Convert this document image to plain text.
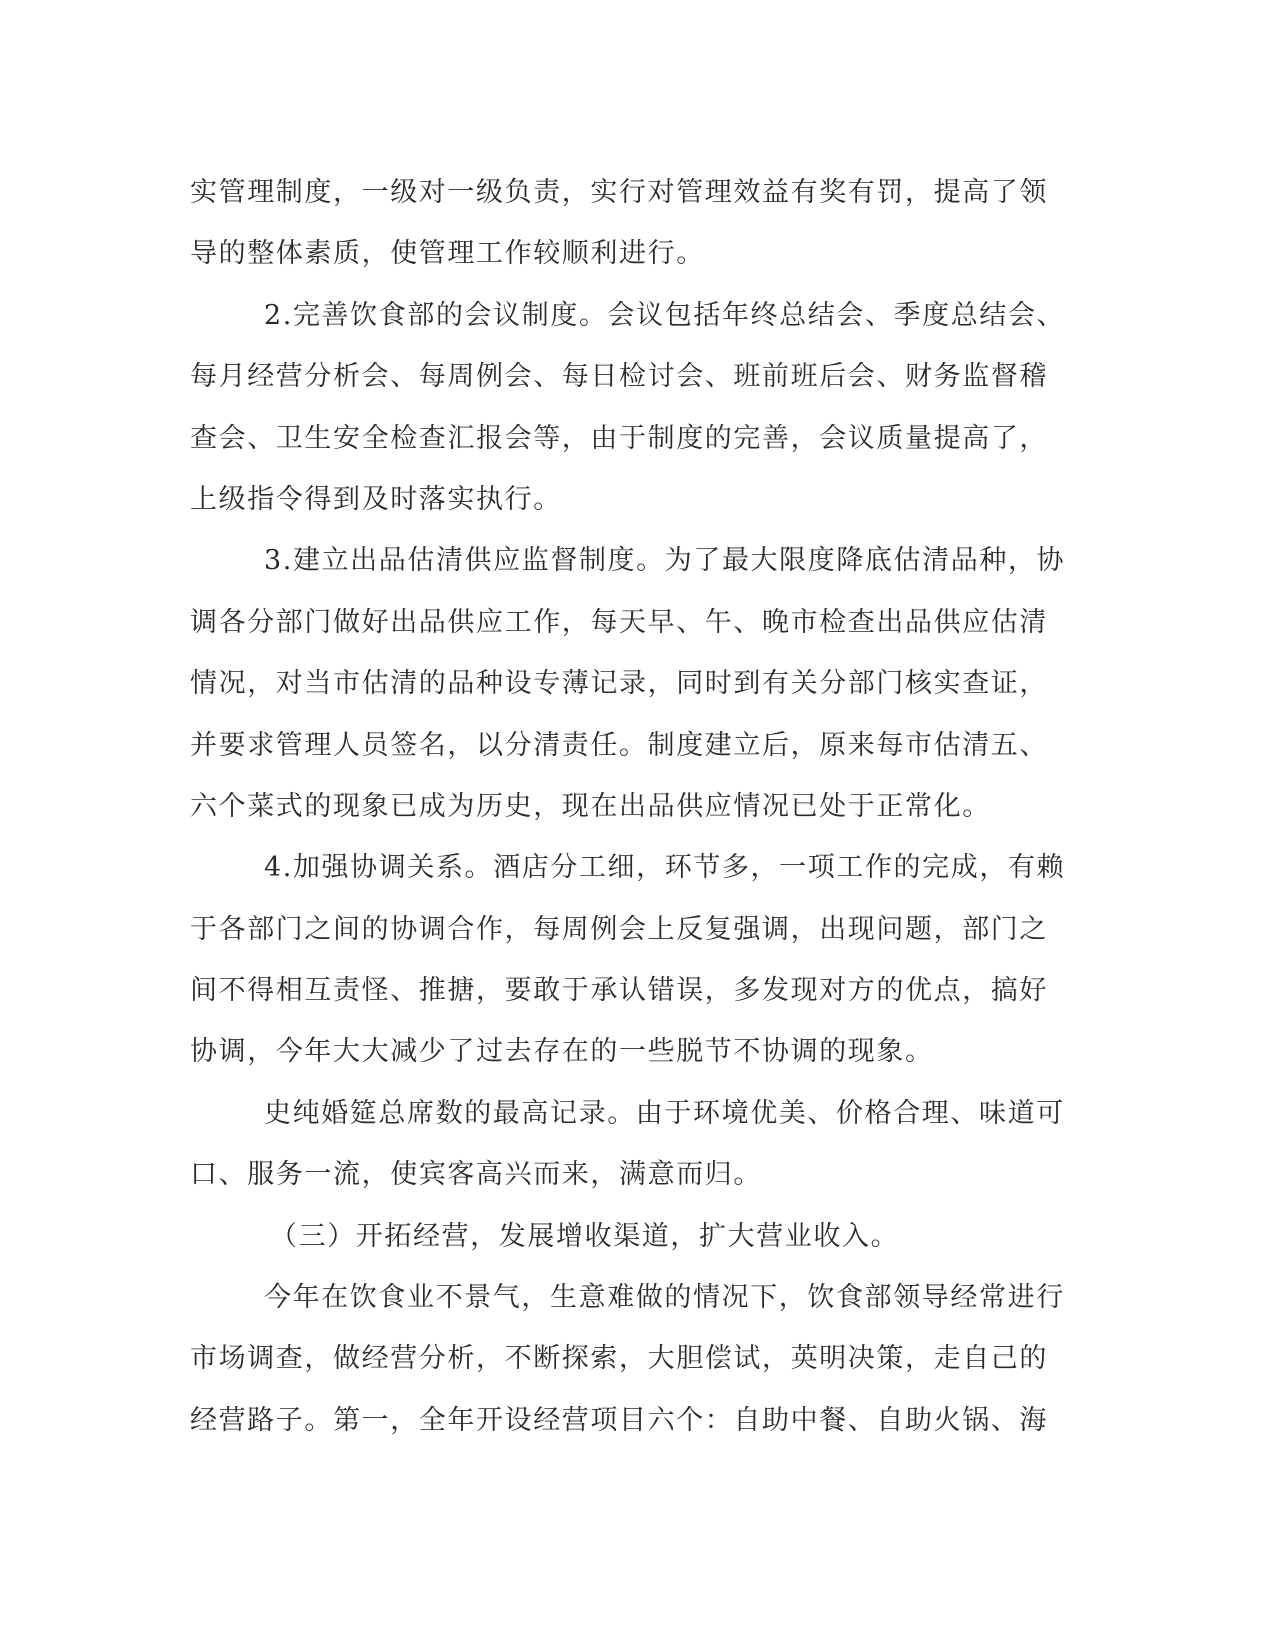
实管理制度，一级对一级负责，实行对管理效益有奖有罚，提高了领
导的整体素质，使管理工作较顺利进行。
2.完善饮食部的会议制度。会议包括年终总结会、季度总结会、
每月经营分析会、每周例会、每日检讨会、班前班后会、财务监督稽
查会、卫生安全检查汇报会等，由于制度的完善，会议质量提高了，
上级指令得到及时落实执行。
3.建立出品估清供应监督制度。为了最大限度降底估清品种，协
调各分部门做好出品供应工作，每天早、午、晚市检查出品供应估清
情况，对当市估清的品种设专薄记录，同时到有关分部门核实查证，
并要求管理人员签名，以分清责任。制度建立后，原来每市估清五、
六个菜式的现象已成为历史，现在出品供应情况已处于正常化。
4.加强协调关系。酒店分工细，环节多，一项工作的完成，有赖
于各部门之间的协调合作，每周例会上反复强调，出现问题，部门之
间不得相互责怪、推搪，要敢于承认错误，多发现对方的优点，搞好
协调，今年大大减少了过去存在的一些脱节不协调的现象。
史纯婚筵总席数的最高记录。由于环境优美、价格合理、味道可
口、服务一流，使宾客高兴而来，满意而归。
（三）开拓经营，发展增收渠道，扩大营业收入。
今年在饮食业不景气，生意难做的情况下，饮食部领导经常进行
市场调查，做经营分析，不断探索，大胆偿试，英明决策，走自己的
经营路子。第一，全年开设经营项目六个：自助中餐、自助火锅、海
